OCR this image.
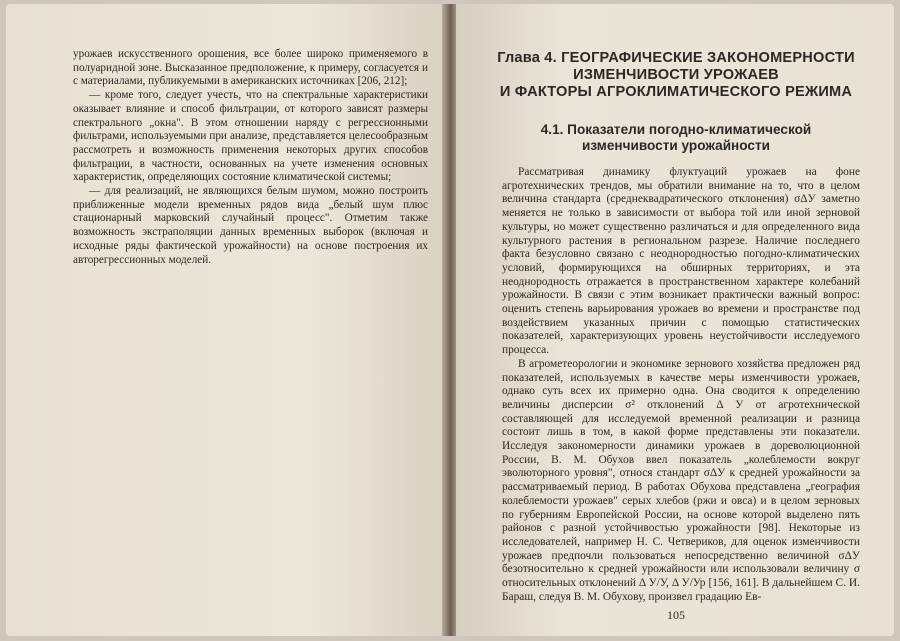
урожаев искусственного орошения, все более широко применяемого в полуаридной зоне. Высказанное предположение, к примеру, согласуется и с материалами, публикуемыми в американских источниках [206, 212];

— кроме того, следует учесть, что на спектральные характеристики оказывает влияние и способ фильтрации, от которого зависят размеры спектрального „окна". В этом отношении наряду с регрессионными фильтрами, используемыми при анализе, представляется целесообразным рассмотреть и возможность применения некоторых других способов фильтрации, в частности, основанных на учете изменения основных характеристик, определяющих состояние климатической системы;

— для реализаций, не являющихся белым шумом, можно построить приближенные модели временных рядов вида „белый шум плюс стационарный марковский случайный процесс". Отметим также возможность экстраполяции данных временных выборок (включая и исходные ряды фактической урожайности) на основе построения их авторегрессионных моделей.

Глава 4. ГЕОГРАФИЧЕСКИЕ ЗАКОНОМЕРНОСТИ
ИЗМЕНЧИВОСТИ УРОЖАЕВ
И ФАКТОРЫ АГРОКЛИМАТИЧЕСКОГО РЕЖИМА
4.1. Показатели погодно-климатической
изменчивости урожайности

Рассматривая динамику флуктуаций урожаев на фоне агротехнических трендов, мы обратили внимание на то, что в целом величина стандарта (среднеквадратического отклонения) σΔУ заметно меняется не только в зависимости от выбора той или иной зерновой культуры, но может существенно различаться и для определенного вида культурного растения в региональном разрезе. Наличие последнего факта безусловно связано с неоднородностью погодно-климатических условий, формирующихся на обширных территориях, и эта неоднородность отражается в пространственном характере колебаний урожайности. В связи с этим возникает практически важный вопрос: оценить степень варьирования урожаев во времени и пространстве под воздействием указанных причин с помощью статистических показателей, характеризующих уровень неустойчивости исследуемого процесса.

В агрометеорологии и экономике зернового хозяйства предложен ряд показателей, используемых в качестве меры изменчивости урожаев, однако суть всех их примерно одна. Она сводится к определению величины дисперсии σ² отклонений Δ У от агротехнической составляющей для исследуемой временной реализации и разница состоит лишь в том, в какой форме представлены эти показатели. Исследуя закономерности динамики урожаев в дореволюционной России, В. М. Обухов ввел показатель „колеблемости вокруг эволюторного уровня", относя стандарт σΔУ к средней урожайности за рассматриваемый период. В работах Обухова представлена „география колеблемости урожаев" серых хлебов (ржи и овса) и в целом зерновых по губерниям Европейской России, на основе которой выделено пять районов с разной устойчивостью урожайности [98]. Некоторые из исследователей, например Н. С. Четвериков, для оценок изменчивости урожаев предпочли пользоваться непосредственно величиной σΔУ безотносительно к средней урожайности или использовали величину σ относительных отклонений Δ У/У, Δ У/Ур [156, 161]. В дальнейшем С. И. Бараш, следуя В. М. Обухову, произвел градацию Ев-

105
